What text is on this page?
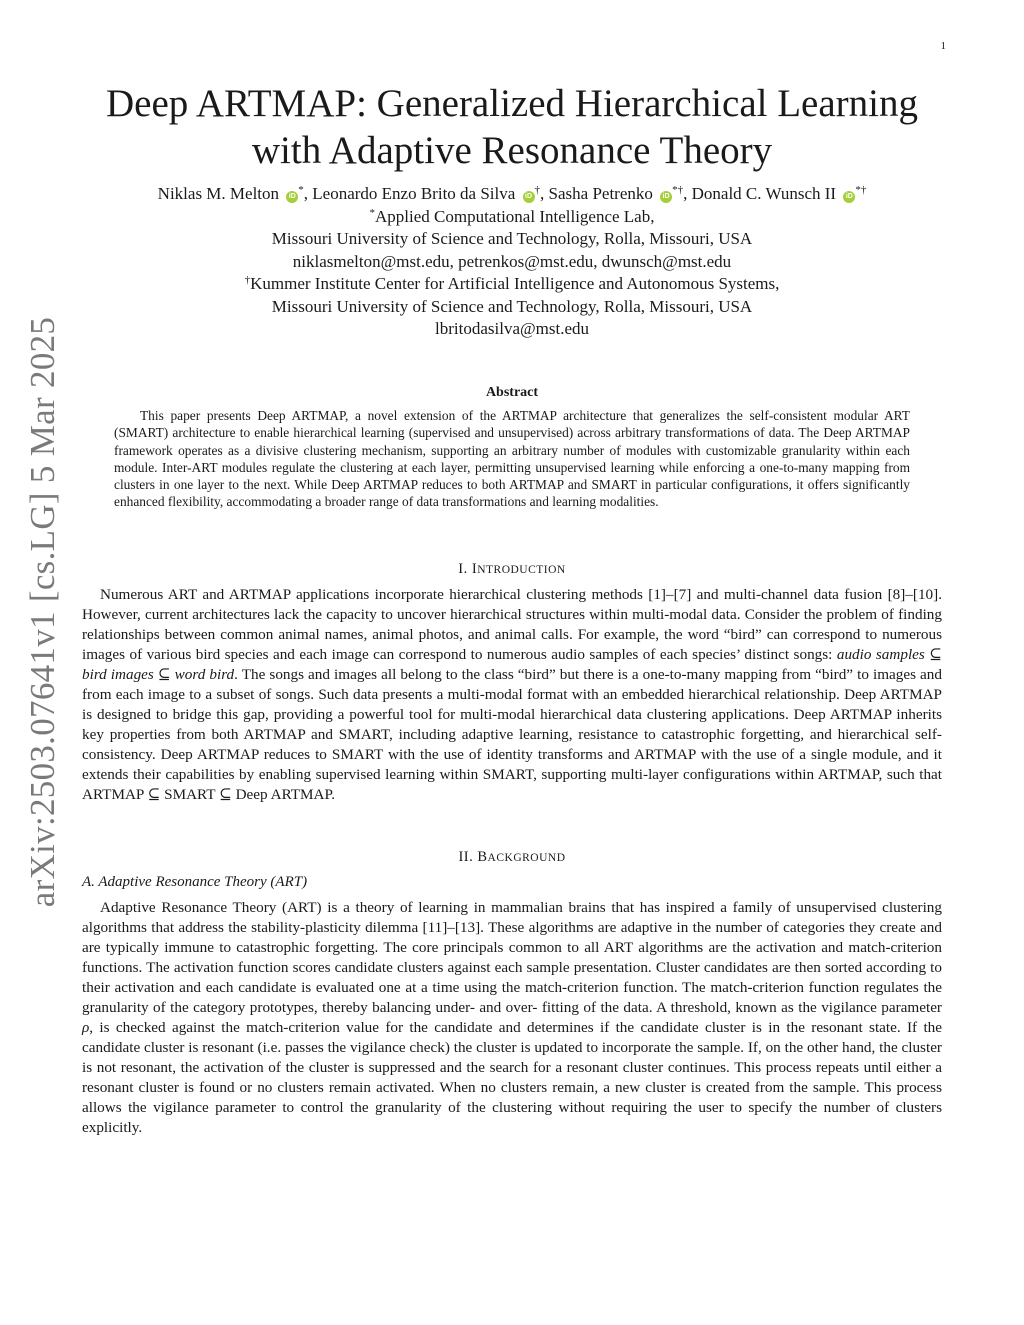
1
arXiv:2503.07641v1 [cs.LG] 5 Mar 2025
Deep ARTMAP: Generalized Hierarchical Learning
with Adaptive Resonance Theory
Niklas M. Melton iD*, Leonardo Enzo Brito da Silva iD†, Sasha Petrenko iD*†, Donald C. Wunsch II iD*†
*Applied Computational Intelligence Lab,
Missouri University of Science and Technology, Rolla, Missouri, USA
niklasmelton@mst.edu, petrenkos@mst.edu, dwunsch@mst.edu
†Kummer Institute Center for Artificial Intelligence and Autonomous Systems,
Missouri University of Science and Technology, Rolla, Missouri, USA
lbritodasilva@mst.edu
Abstract

This paper presents Deep ARTMAP, a novel extension of the ARTMAP architecture that generalizes the self-consistent modular ART (SMART) architecture to enable hierarchical learning (supervised and unsupervised) across arbitrary transformations of data. The Deep ARTMAP framework operates as a divisive clustering mechanism, supporting an arbitrary number of modules with customizable granularity within each module. Inter-ART modules regulate the clustering at each layer, permitting unsupervised learning while enforcing a one-to-many mapping from clusters in one layer to the next. While Deep ARTMAP reduces to both ARTMAP and SMART in particular configurations, it offers significantly enhanced flexibility, accommodating a broader range of data transformations and learning modalities.

I. INTRODUCTION

Numerous ART and ARTMAP applications incorporate hierarchical clustering methods [1]–[7] and multi-channel data fusion [8]–[10]. However, current architectures lack the capacity to uncover hierarchical structures within multi-modal data. Consider the problem of finding relationships between common animal names, animal photos, and animal calls. For example, the word “bird” can correspond to numerous images of various bird species and each image can correspond to numerous audio samples of each species’ distinct songs: audio samples ⊆ bird images ⊆ word bird. The songs and images all belong to the class “bird” but there is a one-to-many mapping from “bird” to images and from each image to a subset of songs. Such data presents a multi-modal format with an embedded hierarchical relationship. Deep ARTMAP is designed to bridge this gap, providing a powerful tool for multi-modal hierarchical data clustering applications. Deep ARTMAP inherits key properties from both ARTMAP and SMART, including adaptive learning, resistance to catastrophic forgetting, and hierarchical self-consistency. Deep ARTMAP reduces to SMART with the use of identity transforms and ARTMAP with the use of a single module, and it extends their capabilities by enabling supervised learning within SMART, supporting multi-layer configurations within ARTMAP, such that ARTMAP ⊆ SMART ⊆ Deep ARTMAP.

II. BACKGROUND
A. Adaptive Resonance Theory (ART)

Adaptive Resonance Theory (ART) is a theory of learning in mammalian brains that has inspired a family of unsupervised clustering algorithms that address the stability-plasticity dilemma [11]–[13]. These algorithms are adaptive in the number of categories they create and are typically immune to catastrophic forgetting. The core principals common to all ART algorithms are the activation and match-criterion functions. The activation function scores candidate clusters against each sample presentation. Cluster candidates are then sorted according to their activation and each candidate is evaluated one at a time using the match-criterion function. The match-criterion function regulates the granularity of the category prototypes, thereby balancing under- and over- fitting of the data. A threshold, known as the vigilance parameter ρ, is checked against the match-criterion value for the candidate and determines if the candidate cluster is in the resonant state. If the candidate cluster is resonant (i.e. passes the vigilance check) the cluster is updated to incorporate the sample. If, on the other hand, the cluster is not resonant, the activation of the cluster is suppressed and the search for a resonant cluster continues. This process repeats until either a resonant cluster is found or no clusters remain activated. When no clusters remain, a new cluster is created from the sample. This process allows the vigilance parameter to control the granularity of the clustering without requiring the user to specify the number of clusters explicitly.
